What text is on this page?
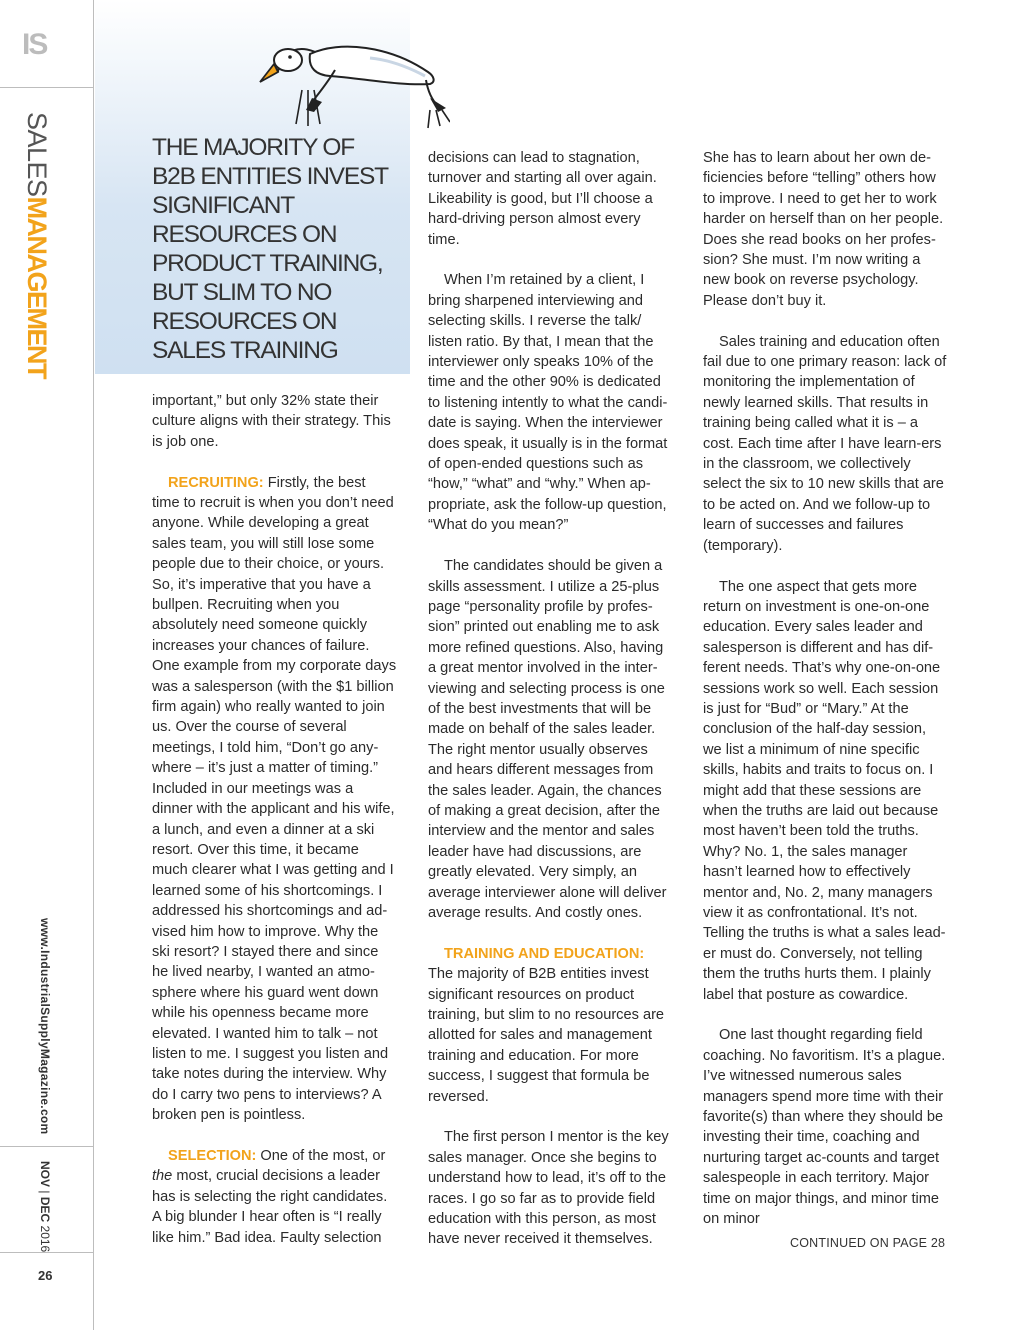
IS
SALESMANAGEMENT
www.IndustrialSupplyMagazine.com
NOV | DEC 2016
26
THE MAJORITY OF B2B ENTITIES INVEST SIGNIFICANT RESOURCES ON PRODUCT TRAINING, BUT SLIM TO NO RESOURCES ON SALES TRAINING

important,” but only 32% state their culture aligns with their strategy. This is job one.

RECRUITING: Firstly, the best time to recruit is when you don’t need anyone. While developing a great sales team, you will still lose some people due to their choice, or yours. So, it’s imperative that you have a bullpen. Recruiting when you absolutely need someone quickly increases your chances of failure. One example from my corporate days was a salesperson (with the $1 billion firm again) who really wanted to join us. Over the course of several meetings, I told him, “Don’t go any-where – it’s just a matter of timing.” Included in our meetings was a dinner with the applicant and his wife, a lunch, and even a dinner at a ski resort. Over this time, it became much clearer what I was getting and I learned some of his shortcomings. I addressed his shortcomings and ad-vised him how to improve. Why the ski resort? I stayed there and since he lived nearby, I wanted an atmo-sphere where his guard went down while his openness became more elevated. I wanted him to talk – not listen to me. I suggest you listen and take notes during the interview. Why do I carry two pens to interviews? A broken pen is pointless.

SELECTION: One of the most, or the most, crucial decisions a leader has is selecting the right candidates. A big blunder I hear often is “I really like him.” Bad idea. Faulty selection

decisions can lead to stagnation, turnover and starting all over again. Likeability is good, but I’ll choose a hard-driving person almost every time.

When I’m retained by a client, I bring sharpened interviewing and selecting skills. I reverse the talk/ listen ratio. By that, I mean that the interviewer only speaks 10% of the time and the other 90% is dedicated to listening intently to what the candi-date is saying. When the interviewer does speak, it usually is in the format of open-ended questions such as “how,” “what” and “why.” When ap-propriate, ask the follow-up question, “What do you mean?”

The candidates should be given a skills assessment. I utilize a 25-plus page “personality profile by profes-sion” printed out enabling me to ask more refined questions. Also, having a great mentor involved in the inter-viewing and selecting process is one of the best investments that will be made on behalf of the sales leader. The right mentor usually observes and hears different messages from the sales leader. Again, the chances of making a great decision, after the interview and the mentor and sales leader have had discussions, are greatly elevated. Very simply, an average interviewer alone will deliver average results. And costly ones.

TRAINING AND EDUCATION:
The majority of B2B entities invest significant resources on product training, but slim to no resources are allotted for sales and management training and education. For more success, I suggest that formula be reversed.

The first person I mentor is the key sales manager. Once she begins to understand how to lead, it’s off to the races. I go so far as to provide field education with this person, as most have never received it themselves.

She has to learn about her own de-ficiencies before “telling” others how to improve. I need to get her to work harder on herself than on her people. Does she read books on her profes-sion? She must. I’m now writing a new book on reverse psychology. Please don’t buy it.

Sales training and education often fail due to one primary reason: lack of monitoring the implementation of newly learned skills. That results in training being called what it is – a cost. Each time after I have learn-ers in the classroom, we collectively select the six to 10 new skills that are to be acted on. And we follow-up to learn of successes and failures (temporary).

The one aspect that gets more return on investment is one-on-one education. Every sales leader and salesperson is different and has dif-ferent needs. That’s why one-on-one sessions work so well. Each session is just for “Bud” or “Mary.” At the conclusion of the half-day session, we list a minimum of nine specific skills, habits and traits to focus on. I might add that these sessions are when the truths are laid out because most haven’t been told the truths. Why? No. 1, the sales manager hasn’t learned how to effectively mentor and, No. 2, many managers view it as confrontational. It’s not. Telling the truths is what a sales lead-er must do. Conversely, not telling them the truths hurts them. I plainly label that posture as cowardice.

One last thought regarding field coaching. No favoritism. It’s a plague. I’ve witnessed numerous sales managers spend more time with their favorite(s) than where they should be investing their time, coaching and nurturing target ac-counts and target salespeople in each territory. Major time on major things, and minor time on minor

CONTINUED ON PAGE 28
